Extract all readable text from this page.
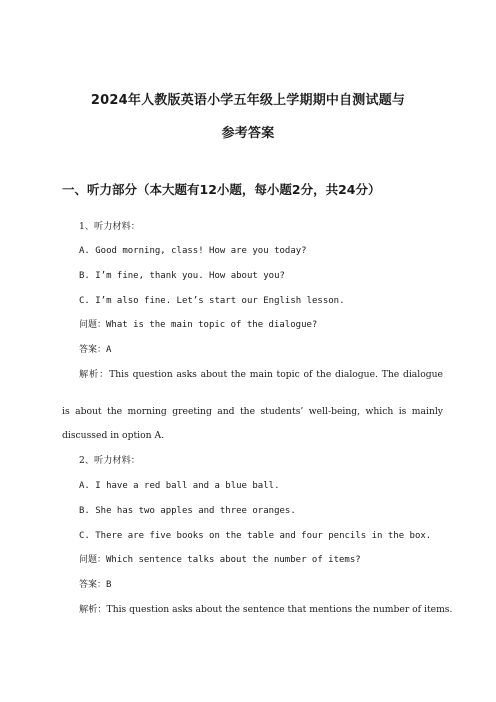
2024年人教版英语小学五年级上学期期中自测试题与
参考答案
一、听力部分（本大题有12小题，每小题2分，共24分）
1、听力材料：
A. Good morning, class! How are you today?
B. I’m fine, thank you. How about you?
C. I’m also fine. Let’s start our English lesson.
问题：What is the main topic of the dialogue?
答案：A
解析：This question asks about the main topic of the dialogue. The dialogue
is about the morning greeting and the students’ well-being, which is mainly
discussed in option A.
2、听力材料：
A. I have a red ball and a blue ball.
B. She has two apples and three oranges.
C. There are five books on the table and four pencils in the box.
问题：Which sentence talks about the number of items?
答案：B
解析：This question asks about the sentence that mentions the number of items.
